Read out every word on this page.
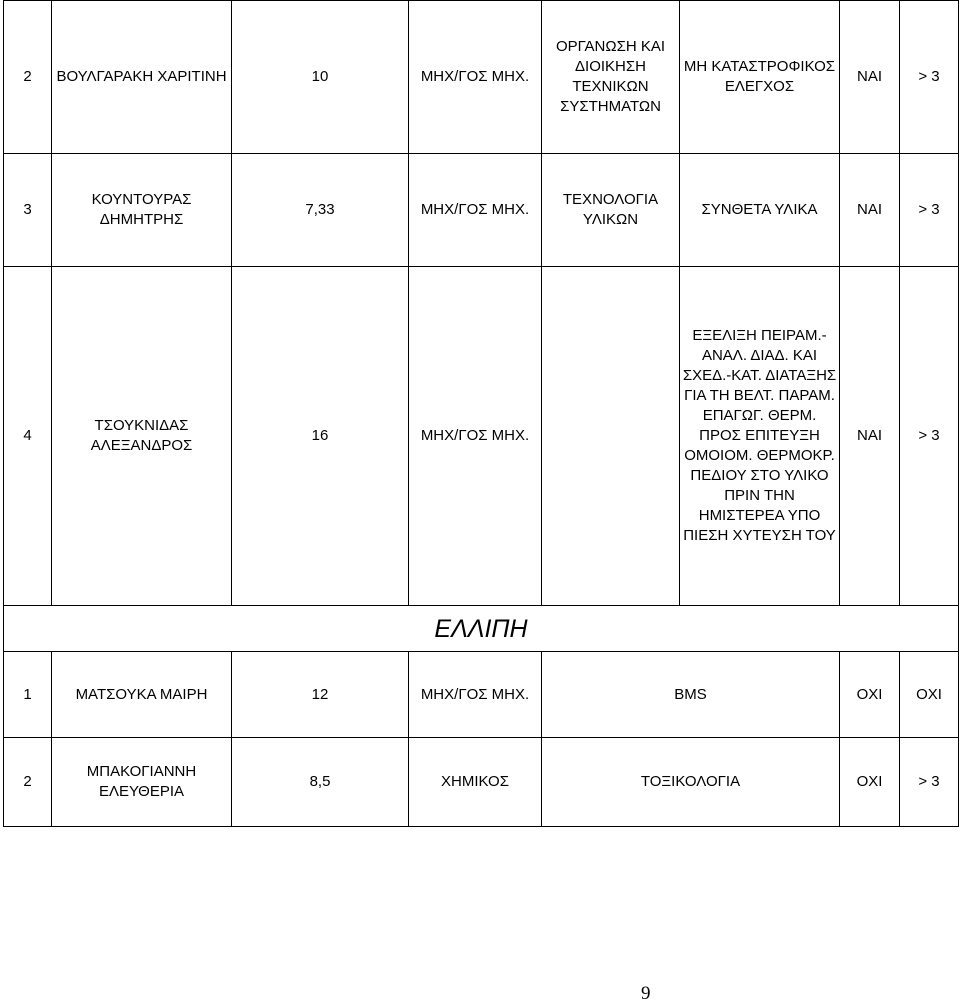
2	ΒΟΥΛΓΑΡΑΚΗ ΧΑΡΙΤΙΝΗ	10	ΜΗΧ/ΓΟΣ ΜΗΧ.	ΟΡΓΑΝΩΣΗ ΚΑΙ ΔΙΟΙΚΗΣΗ ΤΕΧΝΙΚΩΝ ΣΥΣΤΗΜΑΤΩΝ	ΜΗ ΚΑΤΑΣΤΡΟΦΙΚΟΣ ΕΛΕΓΧΟΣ	ΝΑΙ	> 3
3	ΚΟΥΝΤΟΥΡΑΣ ΔΗΜΗΤΡΗΣ	7,33	ΜΗΧ/ΓΟΣ ΜΗΧ.	ΤΕΧΝΟΛΟΓΙΑ ΥΛΙΚΩΝ	ΣΥΝΘΕΤΑ ΥΛΙΚΑ	ΝΑΙ	> 3
4	ΤΣΟΥΚΝΙΔΑΣ ΑΛΕΞΑΝΔΡΟΣ	16	ΜΗΧ/ΓΟΣ ΜΗΧ.		ΕΞΕΛΙΞΗ ΠΕΙΡΑΜ.-ΑΝΑΛ. ΔΙΑΔ. ΚΑΙ ΣΧΕΔ.-ΚΑΤ. ΔΙΑΤΑΞΗΣ ΓΙΑ ΤΗ ΒΕΛΤ. ΠΑΡΑΜ. ΕΠΑΓΩΓ. ΘΕΡΜ. ΠΡΟΣ ΕΠΙΤΕΥΞΗ ΟΜΟΙΟΜ. ΘΕΡΜΟΚΡ. ΠΕΔΙΟΥ ΣΤΟ ΥΛΙΚΟ ΠΡΙΝ ΤΗΝ ΗΜΙΣΤΕΡΕΑ ΥΠΟ ΠΙΕΣΗ ΧΥΤΕΥΣΗ ΤΟΥ	ΝΑΙ	> 3
ΕΛΛΙΠΗ							
1	ΜΑΤΣΟΥΚΑ ΜΑΙΡΗ	12	ΜΗΧ/ΓΟΣ ΜΗΧ.	BMS		ΟΧΙ	ΟΧΙ
2	ΜΠΑΚΟΓΙΑΝΝΗ ΕΛΕΥΘΕΡΙΑ	8,5	ΧΗΜΙΚΟΣ	ΤΟΞΙΚΟΛΟΓΙΑ		ΟΧΙ	> 3
9
